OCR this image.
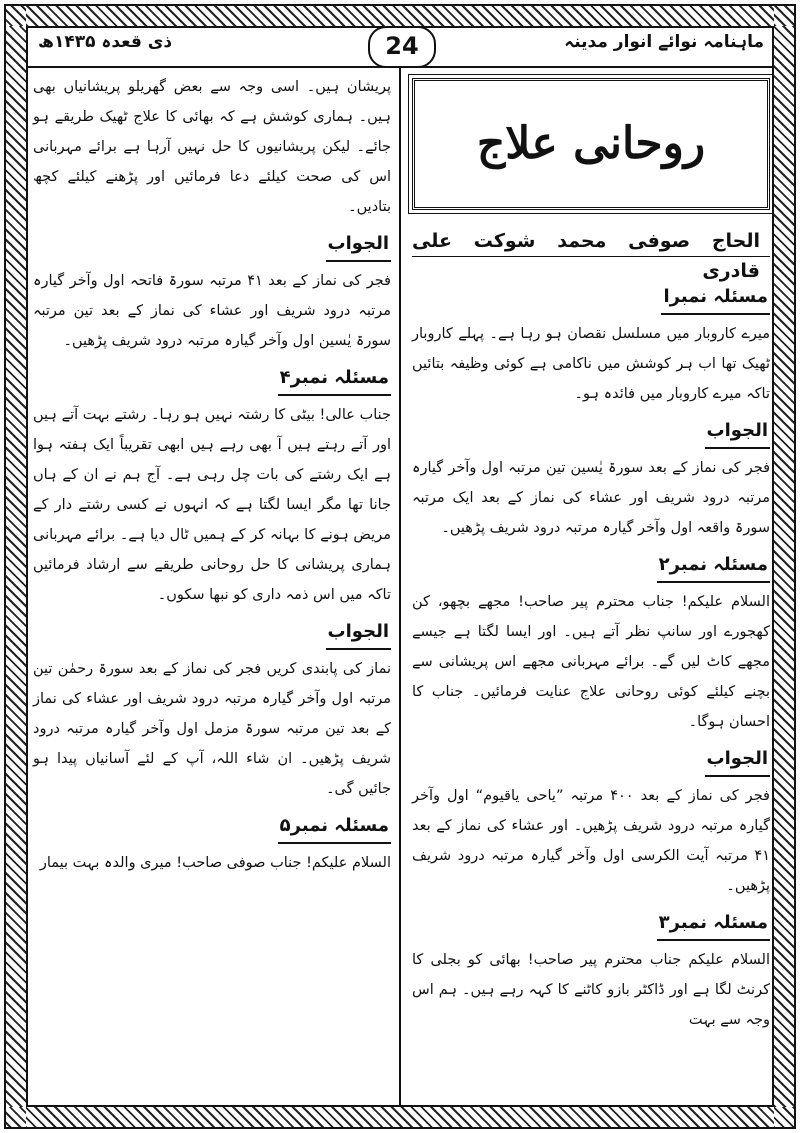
ماہنامہ نوائے انوار مدینہ
24
ذی قعدہ ۱۴۳۵ھ
روحانی علاج
الحاج صوفی محمد شوکت علی قادری
مسئلہ نمبرا

میرے کاروبار میں مسلسل نقصان ہو رہا ہے۔ پہلے کاروبار ٹھیک تھا اب ہر کوشش میں ناکامی ہے کوئی وظیفہ بتائیں تاکہ میرے کاروبار میں فائدہ ہو۔

الجواب

فجر کی نماز کے بعد سورۃ یٰسین تین مرتبہ اول وآخر گیارہ مرتبہ درود شریف اور عشاء کی نماز کے بعد ایک مرتبہ سورۃ واقعہ اول وآخر گیارہ مرتبہ درود شریف پڑھیں۔

مسئلہ نمبر۲

السلام علیکم! جناب محترم پیر صاحب! مجھے بچھو، کن کھجورے اور سانپ نظر آتے ہیں۔ اور ایسا لگتا ہے جیسے مجھے کاٹ لیں گے۔ برائے مہربانی مجھے اس پریشانی سے بچنے کیلئے کوئی روحانی علاج عنایت فرمائیں۔ جناب کا احسان ہوگا۔

الجواب

فجر کی نماز کے بعد ۴۰۰ مرتبہ ”یاحی یاقیوم“ اول وآخر گیارہ مرتبہ درود شریف پڑھیں۔ اور عشاء کی نماز کے بعد ۴۱ مرتبہ آیت الکرسی اول وآخر گیارہ مرتبہ درود شریف پڑھیں۔

مسئلہ نمبر۳

السلام علیکم جناب محترم پیر صاحب! بھائی کو بجلی کا کرنٹ لگا ہے اور ڈاکٹر بازو کاٹنے کا کہہ رہے ہیں۔ ہم اس وجہ سے بہت

پریشان ہیں۔ اسی وجہ سے بعض گھریلو پریشانیاں بھی ہیں۔ ہماری کوشش ہے کہ بھائی کا علاج ٹھیک طریقے ہو جائے۔ لیکن پریشانیوں کا حل نہیں آرہا ہے برائے مہربانی اس کی صحت کیلئے دعا فرمائیں اور پڑھنے کیلئے کچھ بتادیں۔

الجواب

فجر کی نماز کے بعد ۴۱ مرتبہ سورۃ فاتحہ اول وآخر گیارہ مرتبہ درود شریف اور عشاء کی نماز کے بعد تین مرتبہ سورۃ یٰسین اول وآخر گیارہ مرتبہ درود شریف پڑھیں۔

مسئلہ نمبر۴

جناب عالی! بیٹی کا رشتہ نہیں ہو رہا۔ رشتے بہت آتے ہیں اور آتے رہتے ہیں آ بھی رہے ہیں ابھی تقریباً ایک ہفتہ ہوا ہے ایک رشتے کی بات چل رہی ہے۔ آج ہم نے ان کے ہاں جانا تھا مگر ایسا لگتا ہے کہ انہوں نے کسی رشتے دار کے مریض ہونے کا بہانہ کر کے ہمیں ٹال دیا ہے۔ برائے مہربانی ہماری پریشانی کا حل روحانی طریقے سے ارشاد فرمائیں تاکہ میں اس ذمہ داری کو نبھا سکوں۔

الجواب

نماز کی پابندی کریں فجر کی نماز کے بعد سورۃ رحمٰن تین مرتبہ اول وآخر گیارہ مرتبہ درود شریف اور عشاء کی نماز کے بعد تین مرتبہ سورۃ مزمل اول وآخر گیارہ مرتبہ درود شریف پڑھیں۔ ان شاء اللہ، آپ کے لئے آسانیاں پیدا ہو جائیں گی۔

مسئلہ نمبر۵

السلام علیکم! جناب صوفی صاحب! میری والدہ بہت بیمار
